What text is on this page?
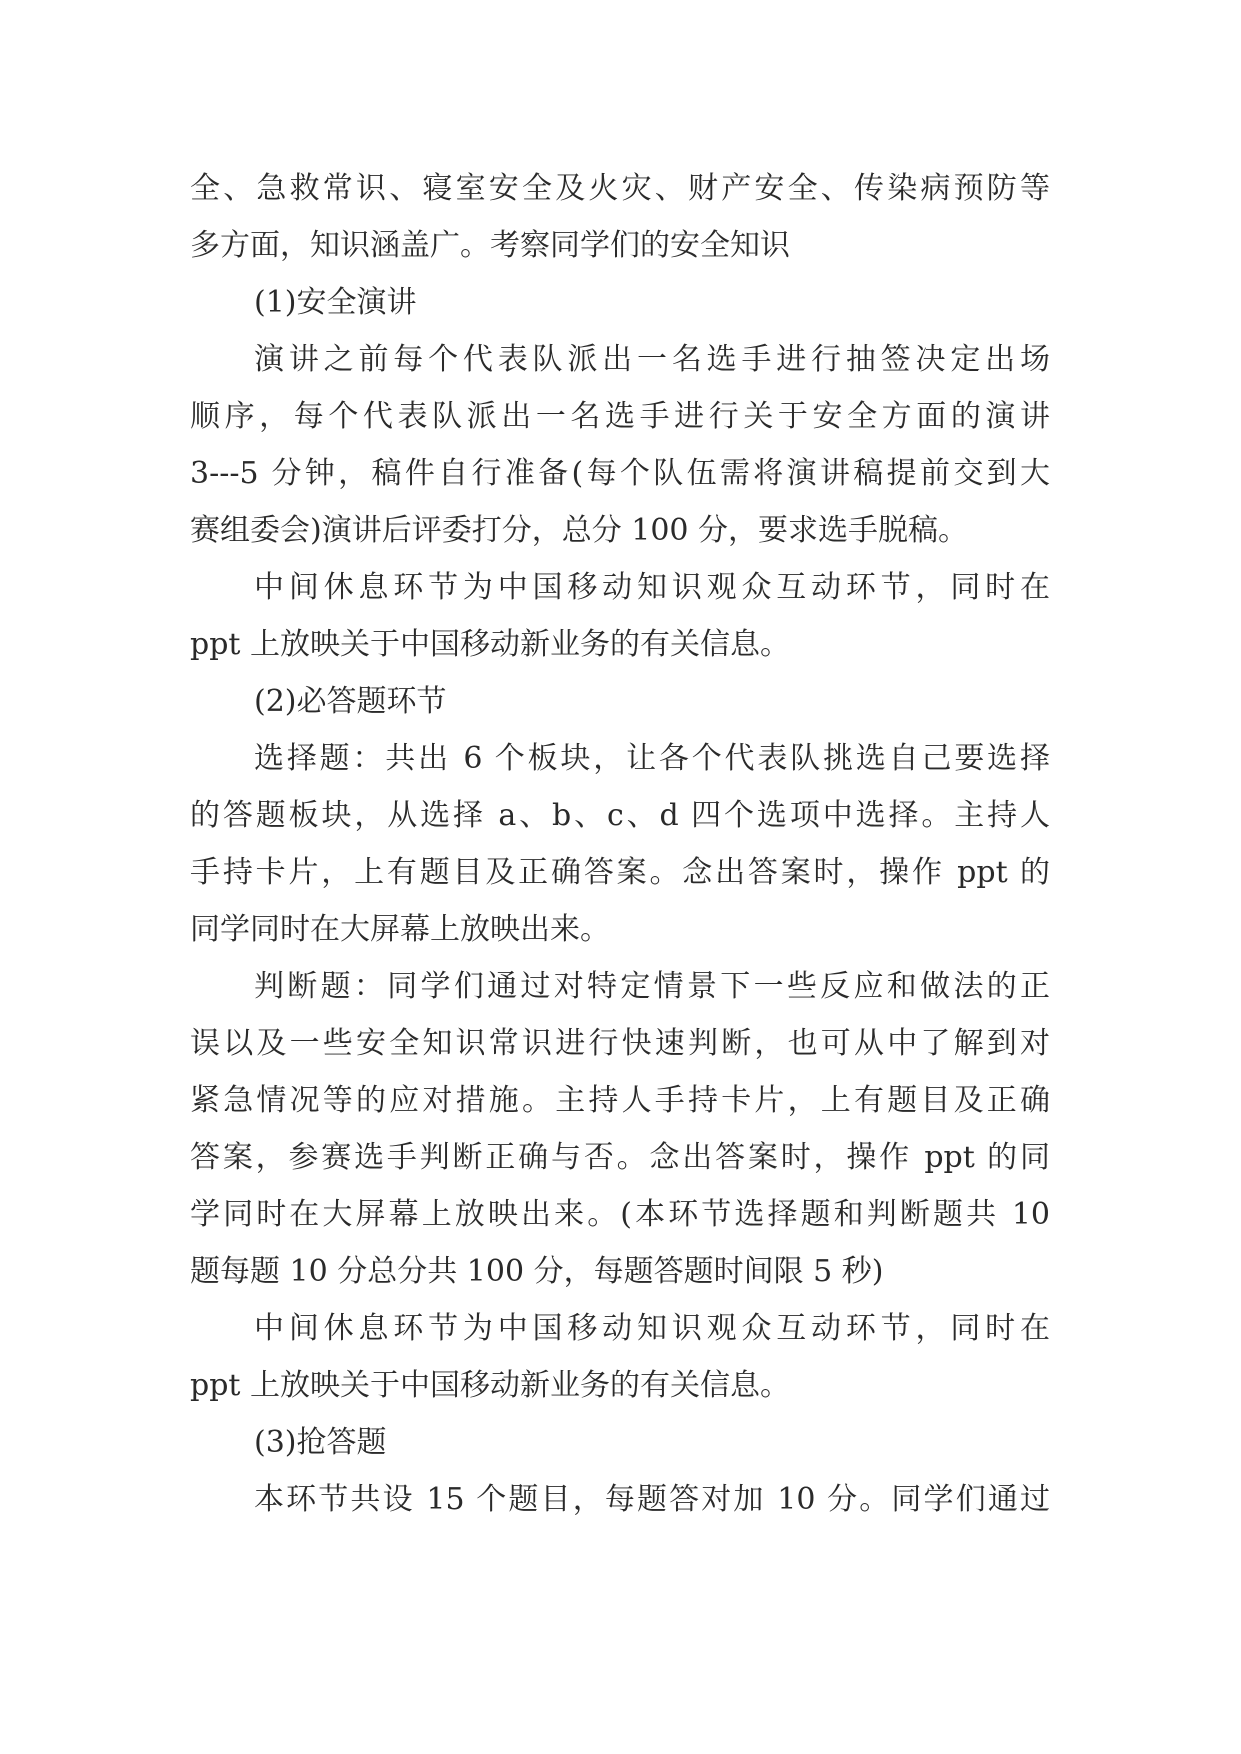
全、急救常识、寝室安全及火灾、财产安全、传染病预防等
多方面，知识涵盖广。考察同学们的安全知识
(1)安全演讲
演讲之前每个代表队派出一名选手进行抽签决定出场
顺序，每个代表队派出一名选手进行关于安全方面的演讲
3---5 分钟，稿件自行准备(每个队伍需将演讲稿提前交到大
赛组委会)演讲后评委打分，总分 100 分，要求选手脱稿。
中间休息环节为中国移动知识观众互动环节，同时在
ppt 上放映关于中国移动新业务的有关信息。
(2)必答题环节
选择题：共出 6 个板块，让各个代表队挑选自己要选择
的答题板块，从选择 a、b、c、d 四个选项中选择。主持人
手持卡片，上有题目及正确答案。念出答案时，操作 ppt 的
同学同时在大屏幕上放映出来。
判断题：同学们通过对特定情景下一些反应和做法的正
误以及一些安全知识常识进行快速判断，也可从中了解到对
紧急情况等的应对措施。主持人手持卡片，上有题目及正确
答案，参赛选手判断正确与否。念出答案时，操作 ppt 的同
学同时在大屏幕上放映出来。(本环节选择题和判断题共 10
题每题 10 分总分共 100 分，每题答题时间限 5 秒)
中间休息环节为中国移动知识观众互动环节，同时在
ppt 上放映关于中国移动新业务的有关信息。
(3)抢答题
本环节共设 15 个题目，每题答对加 10 分。同学们通过
